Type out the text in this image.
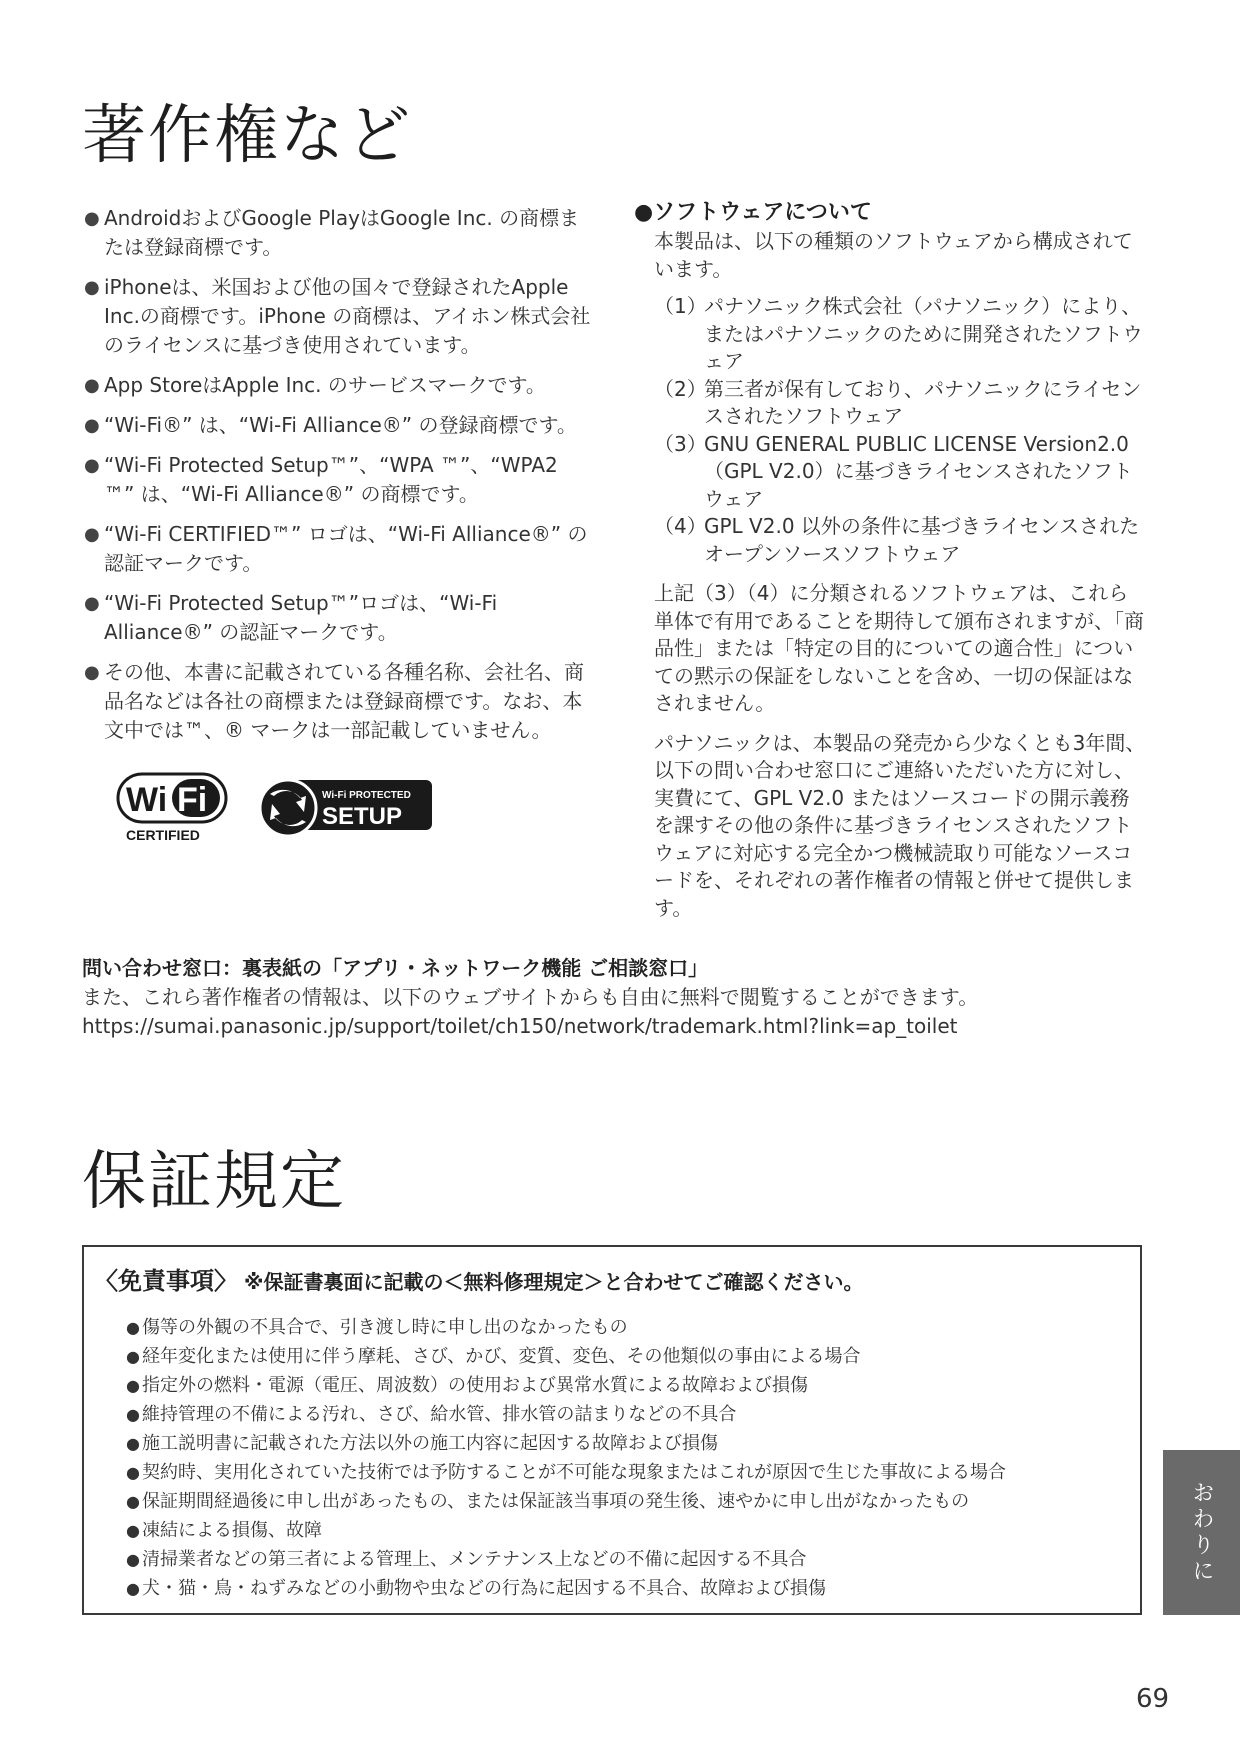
著作権など
● AndroidおよびGoogle PlayはGoogle Inc. の商標または登録商標です。
● iPhoneは、米国および他の国々で登録されたApple Inc.の商標です。iPhone の商標は、アイホン株式会社のライセンスに基づき使用されています。
● App StoreはApple Inc. のサービスマークです。
● “Wi-Fi®” は、“Wi-Fi Alliance®” の登録商標です。
● “Wi-Fi Protected Setup™”、“WPA ™”、“WPA2 ™” は、“Wi-Fi Alliance®” の商標です。
● “Wi-Fi CERTIFIED™” ロゴは、“Wi-Fi Alliance®” の認証マークです。
● “Wi-Fi Protected Setup™”ロゴは、“Wi-Fi Alliance®” の認証マークです。
● その他、本書に記載されている各種名称、会社名、商品名などは各社の商標または登録商標です。なお、本文中では™、® マークは一部記載していません。
Wi Fi
CERTIFIED
Wi-Fi PROTECTED
SETUP
●ソフトウェアについて

本製品は、以下の種類のソフトウェアから構成されています。

（1）
パナソニック株式会社（パナソニック）により、またはパナソニックのために開発されたソフトウェア
（2）
第三者が保有しており、パナソニックにライセンスされたソフトウェア
（3）
GNU GENERAL PUBLIC LICENSE Version2.0（GPL V2.0）に基づきライセンスされたソフトウェア
（4）
GPL V2.0 以外の条件に基づきライセンスされたオープンソースソフトウェア

上記（3）（4）に分類されるソフトウェアは、これら単体で有用であることを期待して頒布されますが、「商品性」または「特定の目的についての適合性」についての黙示の保証をしないことを含め、一切の保証はなされません。

パナソニックは、本製品の発売から少なくとも3年間、以下の問い合わせ窓口にご連絡いただいた方に対し、実費にて、GPL V2.0 またはソースコードの開示義務を課すその他の条件に基づきライセンスされたソフトウェアに対応する完全かつ機械読取り可能なソースコードを、それぞれの著作権者の情報と併せて提供します。

問い合わせ窓口：裏表紙の「アプリ・ネットワーク機能 ご相談窓口」
また、これら著作権者の情報は、以下のウェブサイトからも自由に無料で閲覧することができます。
https://sumai.panasonic.jp/support/toilet/ch150/network/trademark.html?link=ap_toilet
保証規定
〈免責事項〉 ※保証書裏面に記載の＜無料修理規定＞と合わせてご確認ください。
● 傷等の外観の不具合で、引き渡し時に申し出のなかったもの
● 経年変化または使用に伴う摩耗、さび、かび、変質、変色、その他類似の事由による場合
● 指定外の燃料・電源（電圧、周波数）の使用および異常水質による故障および損傷
● 維持管理の不備による汚れ、さび、給水管、排水管の詰まりなどの不具合
● 施工説明書に記載された方法以外の施工内容に起因する故障および損傷
● 契約時、実用化されていた技術では予防することが不可能な現象またはこれが原因で生じた事故による場合
● 保証期間経過後に申し出があったもの、または保証該当事項の発生後、速やかに申し出がなかったもの
● 凍結による損傷、故障
● 清掃業者などの第三者による管理上、メンテナンス上などの不備に起因する不具合
● 犬・猫・鳥・ねずみなどの小動物や虫などの行為に起因する不具合、故障および損傷
おわりに
69
